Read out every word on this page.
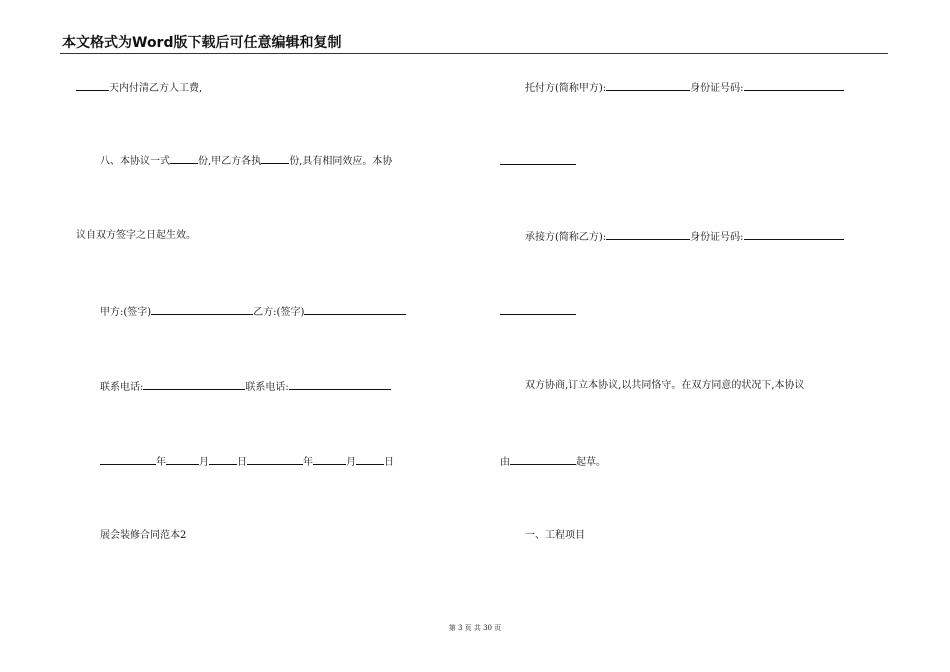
本文格式为Word版下载后可任意编辑和复制
天内付清乙方人工费,
八、本协议一式	份,甲乙方各执	份,具有相同效应。本协
议自双方签字之日起生效。
甲方:(签字)	乙方:(签字)
联系电话:	联系电话:
年	月	日	年	月	日
展会装修合同范本2
托付方(简称甲方):	身份证号码:
承接方(简称乙方):	身份证号码:
双方协商,订立本协议,以共同恪守。在双方同意的状况下,本协议
由	起草。
一、工程项目
第 3 页 共 30 页
